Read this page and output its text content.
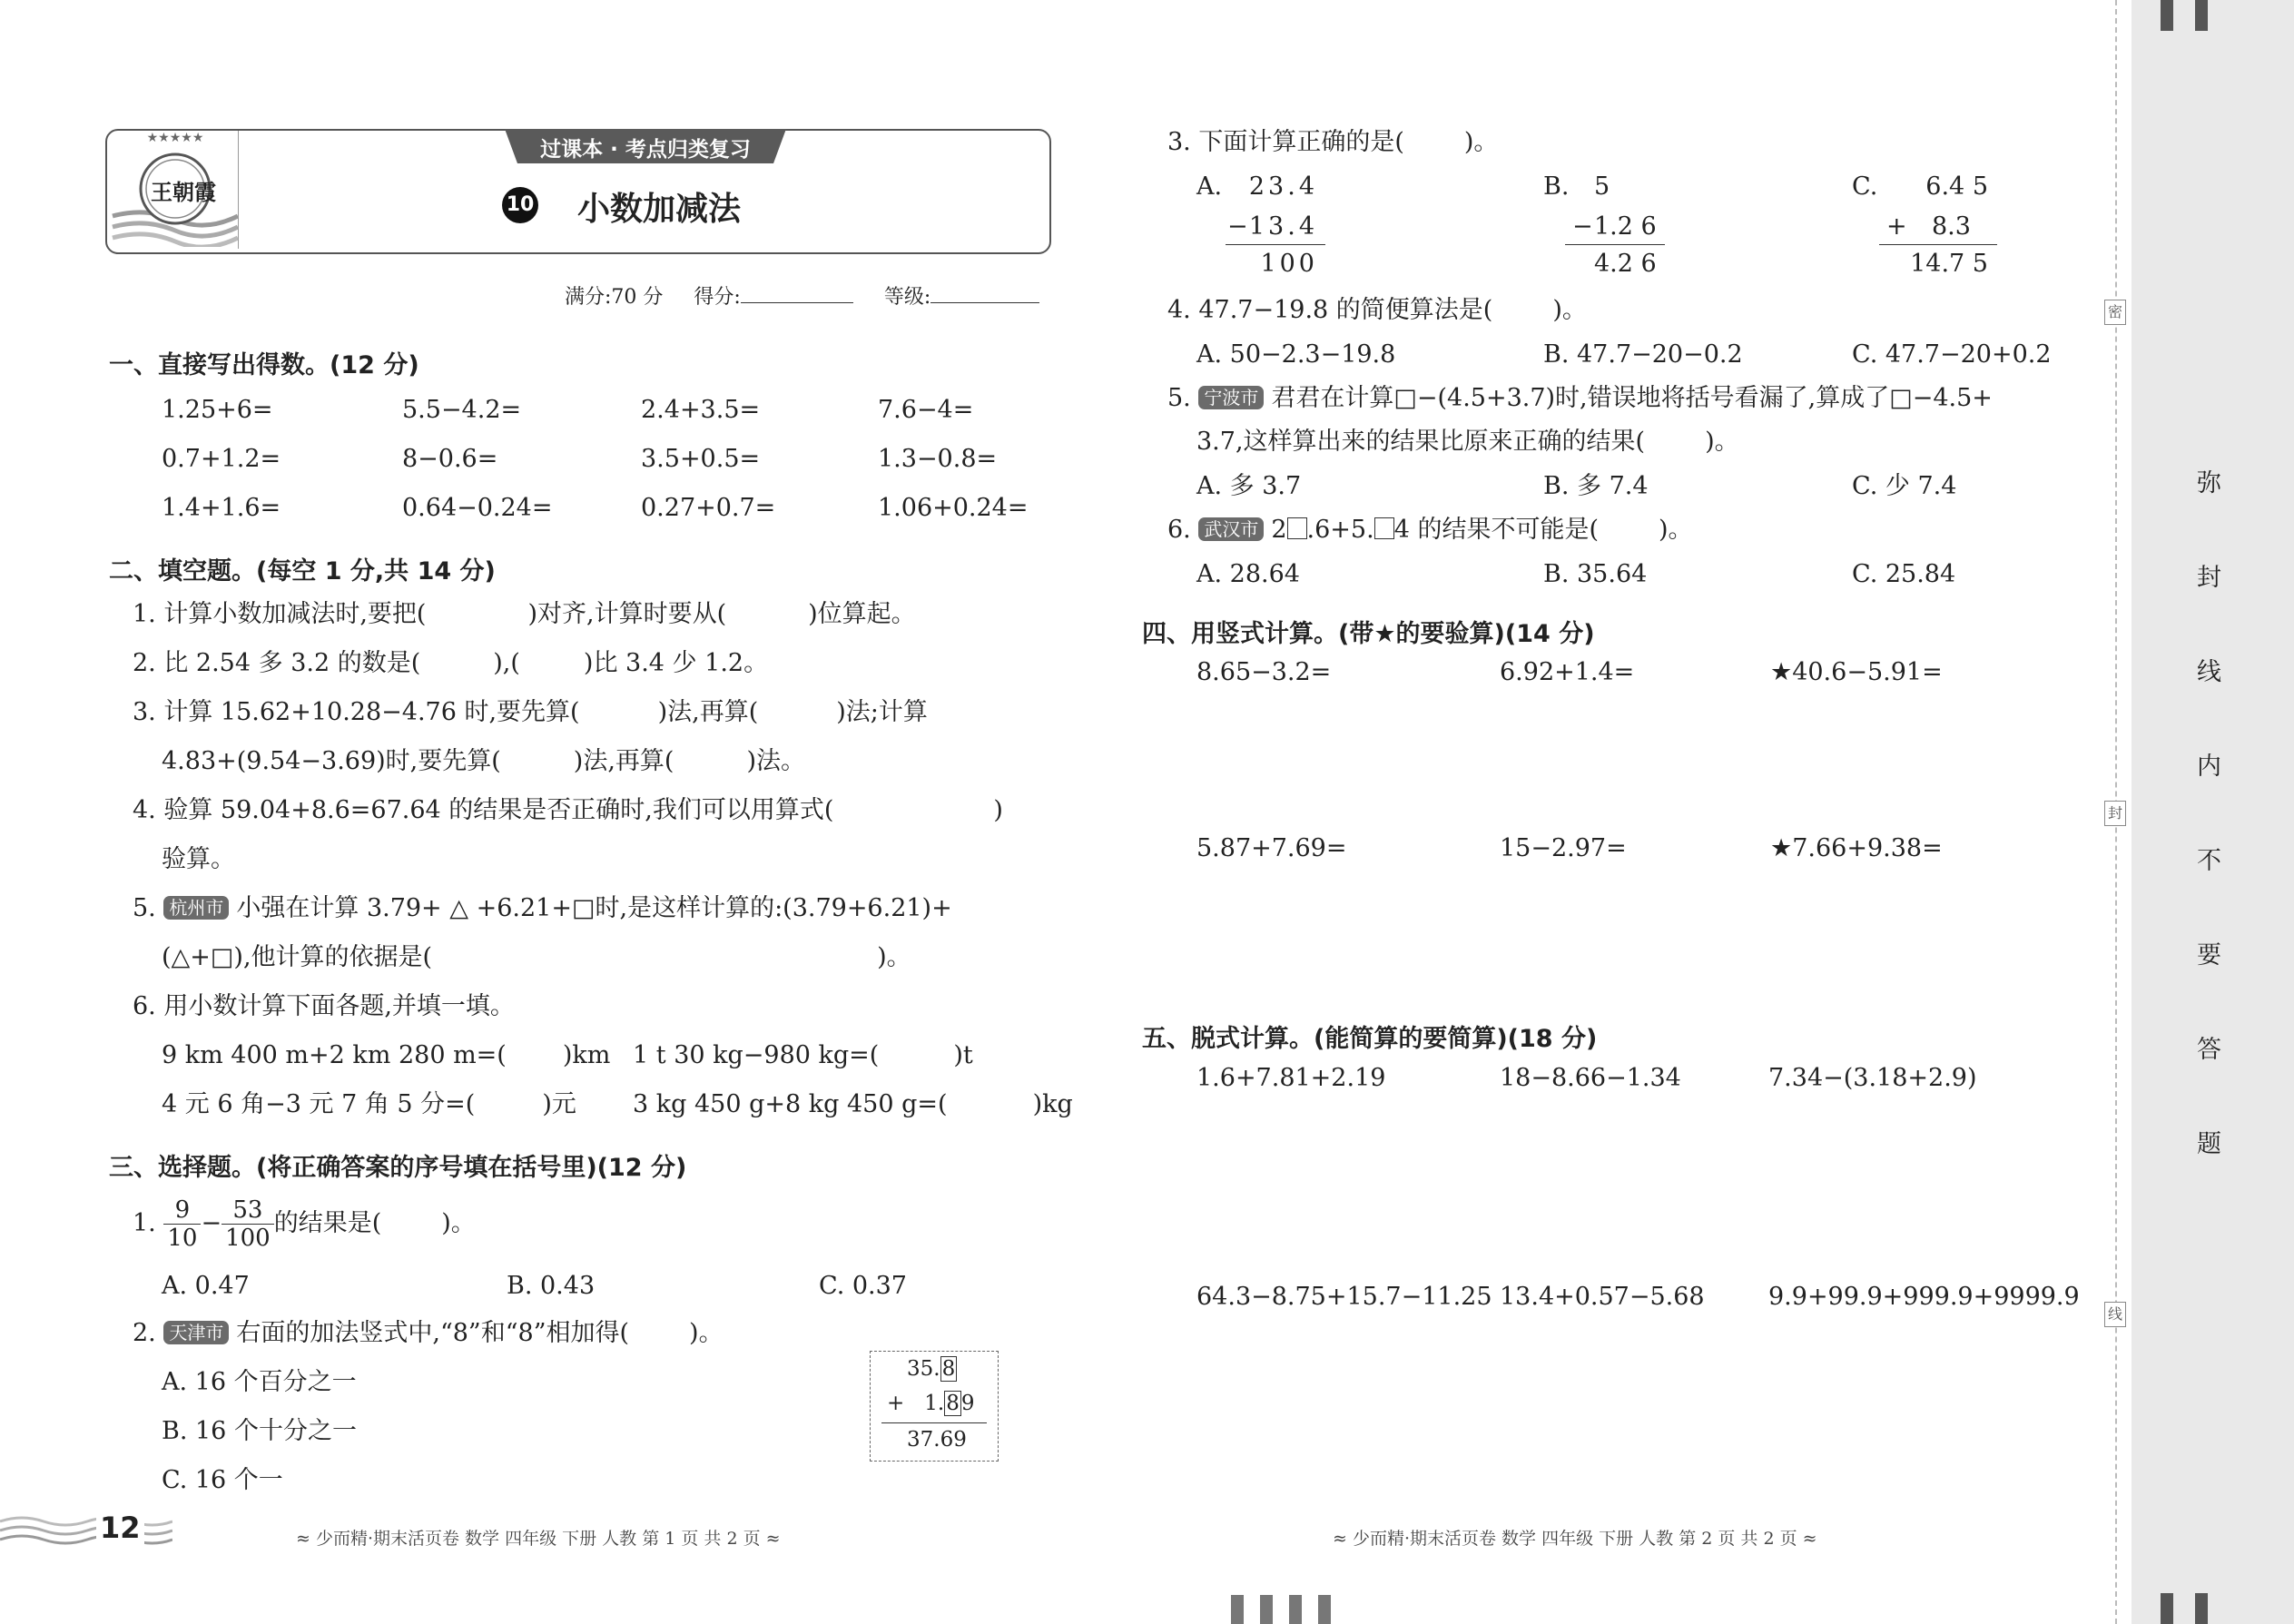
密
封
线
弥
封
线
内
不
要
答
题
★★★★★
王朝霞
过课本 · 考点归类复习
10 小数加减法
满分:70 分 得分:	等级:
一、直接写出得数。(12 分)
1.25+6=	5.5−4.2=	2.4+3.5=	7.6−4=
0.7+1.2=	8−0.6=	3.5+0.5=	1.3−0.8=
1.4+1.6=	0.64−0.24=	0.27+0.7=	1.06+0.24=
二、填空题。(每空 1 分,共 14 分)
1. 计算小数加减法时,要把(	)对齐,计算时要从(	)位算起。
2. 比 2.54 多 3.2 的数是(	),(	)比 3.4 少 1.2。
3. 计算 15.62+10.28−4.76 时,要先算(	)法,再算(	)法;计算
4.83+(9.54−3.69)时,要先算(	)法,再算(	)法。
4. 验算 59.04+8.6=67.64 的结果是否正确时,我们可以用算式(	)
验算。
5. 杭州市 小强在计算 3.79+ △ +6.21+□时,是这样计算的:(3.79+6.21)+
(△+□),他计算的依据是(	)。
6. 用小数计算下面各题,并填一填。
9 km 400 m+2 km 280 m=( )km 1 t 30 kg−980 kg=(	)t
4 元 6 角−3 元 7 角 5 分=(	)元 3 kg 450 g+8 kg 450 g=(	)kg
三、选择题。(将正确答案的序号填在括号里)(12 分)
1. $\frac{9}{10} - \frac{53}{100}$ 的结果是( )。
A. 0.47	B. 0.43	C. 0.37
2. 天津市 右面的加法竖式中,“8”和“8”相加得( )。
A. 16 个百分之一
B. 16 个十分之一
C. 16 个一
35.8
+ 1.89
37.69
3. 下面计算正确的是( )。
A.	23.4
− 13.4
100
B.	5
− 1.2 6
4.2 6
C.	6.4 5
+ 8.3
14.7 5
4. 47.7−19.8 的简便算法是( )。
A. 50−2.3−19.8	B. 47.7−20−0.2	C. 47.7−20+0.2
5. 宁波市 君君在计算□−(4.5+3.7)时,错误地将括号看漏了,算成了□−4.5+
3.7,这样算出来的结果比原来正确的结果( )。
A. 多 3.7	B. 多 7.4	C. 少 7.4
6. 武汉市 2 .6+5. 4 的结果不可能是( )。
A. 28.64	B. 35.64	C. 25.84
四、用竖式计算。(带★的要验算)(14 分)
8.65−3.2=	6.92+1.4=	★40.6−5.91=
5.87+7.69=	15−2.97=	★7.66+9.38=
五、脱式计算。(能简算的要简算)(18 分)
1.6+7.81+2.19	18−8.66−1.34	7.34−(3.18+2.9)
64.3−8.75+15.7−11.25 13.4+0.57−5.68	9.9+99.9+999.9+9999.9
12	≈ 少而精·期末活页卷 数学 四年级 下册 人教 第 1 页 共 2 页 ≈	≈ 少而精·期末活页卷 数学 四年级 下册 人教 第 2 页 共 2 页 ≈
